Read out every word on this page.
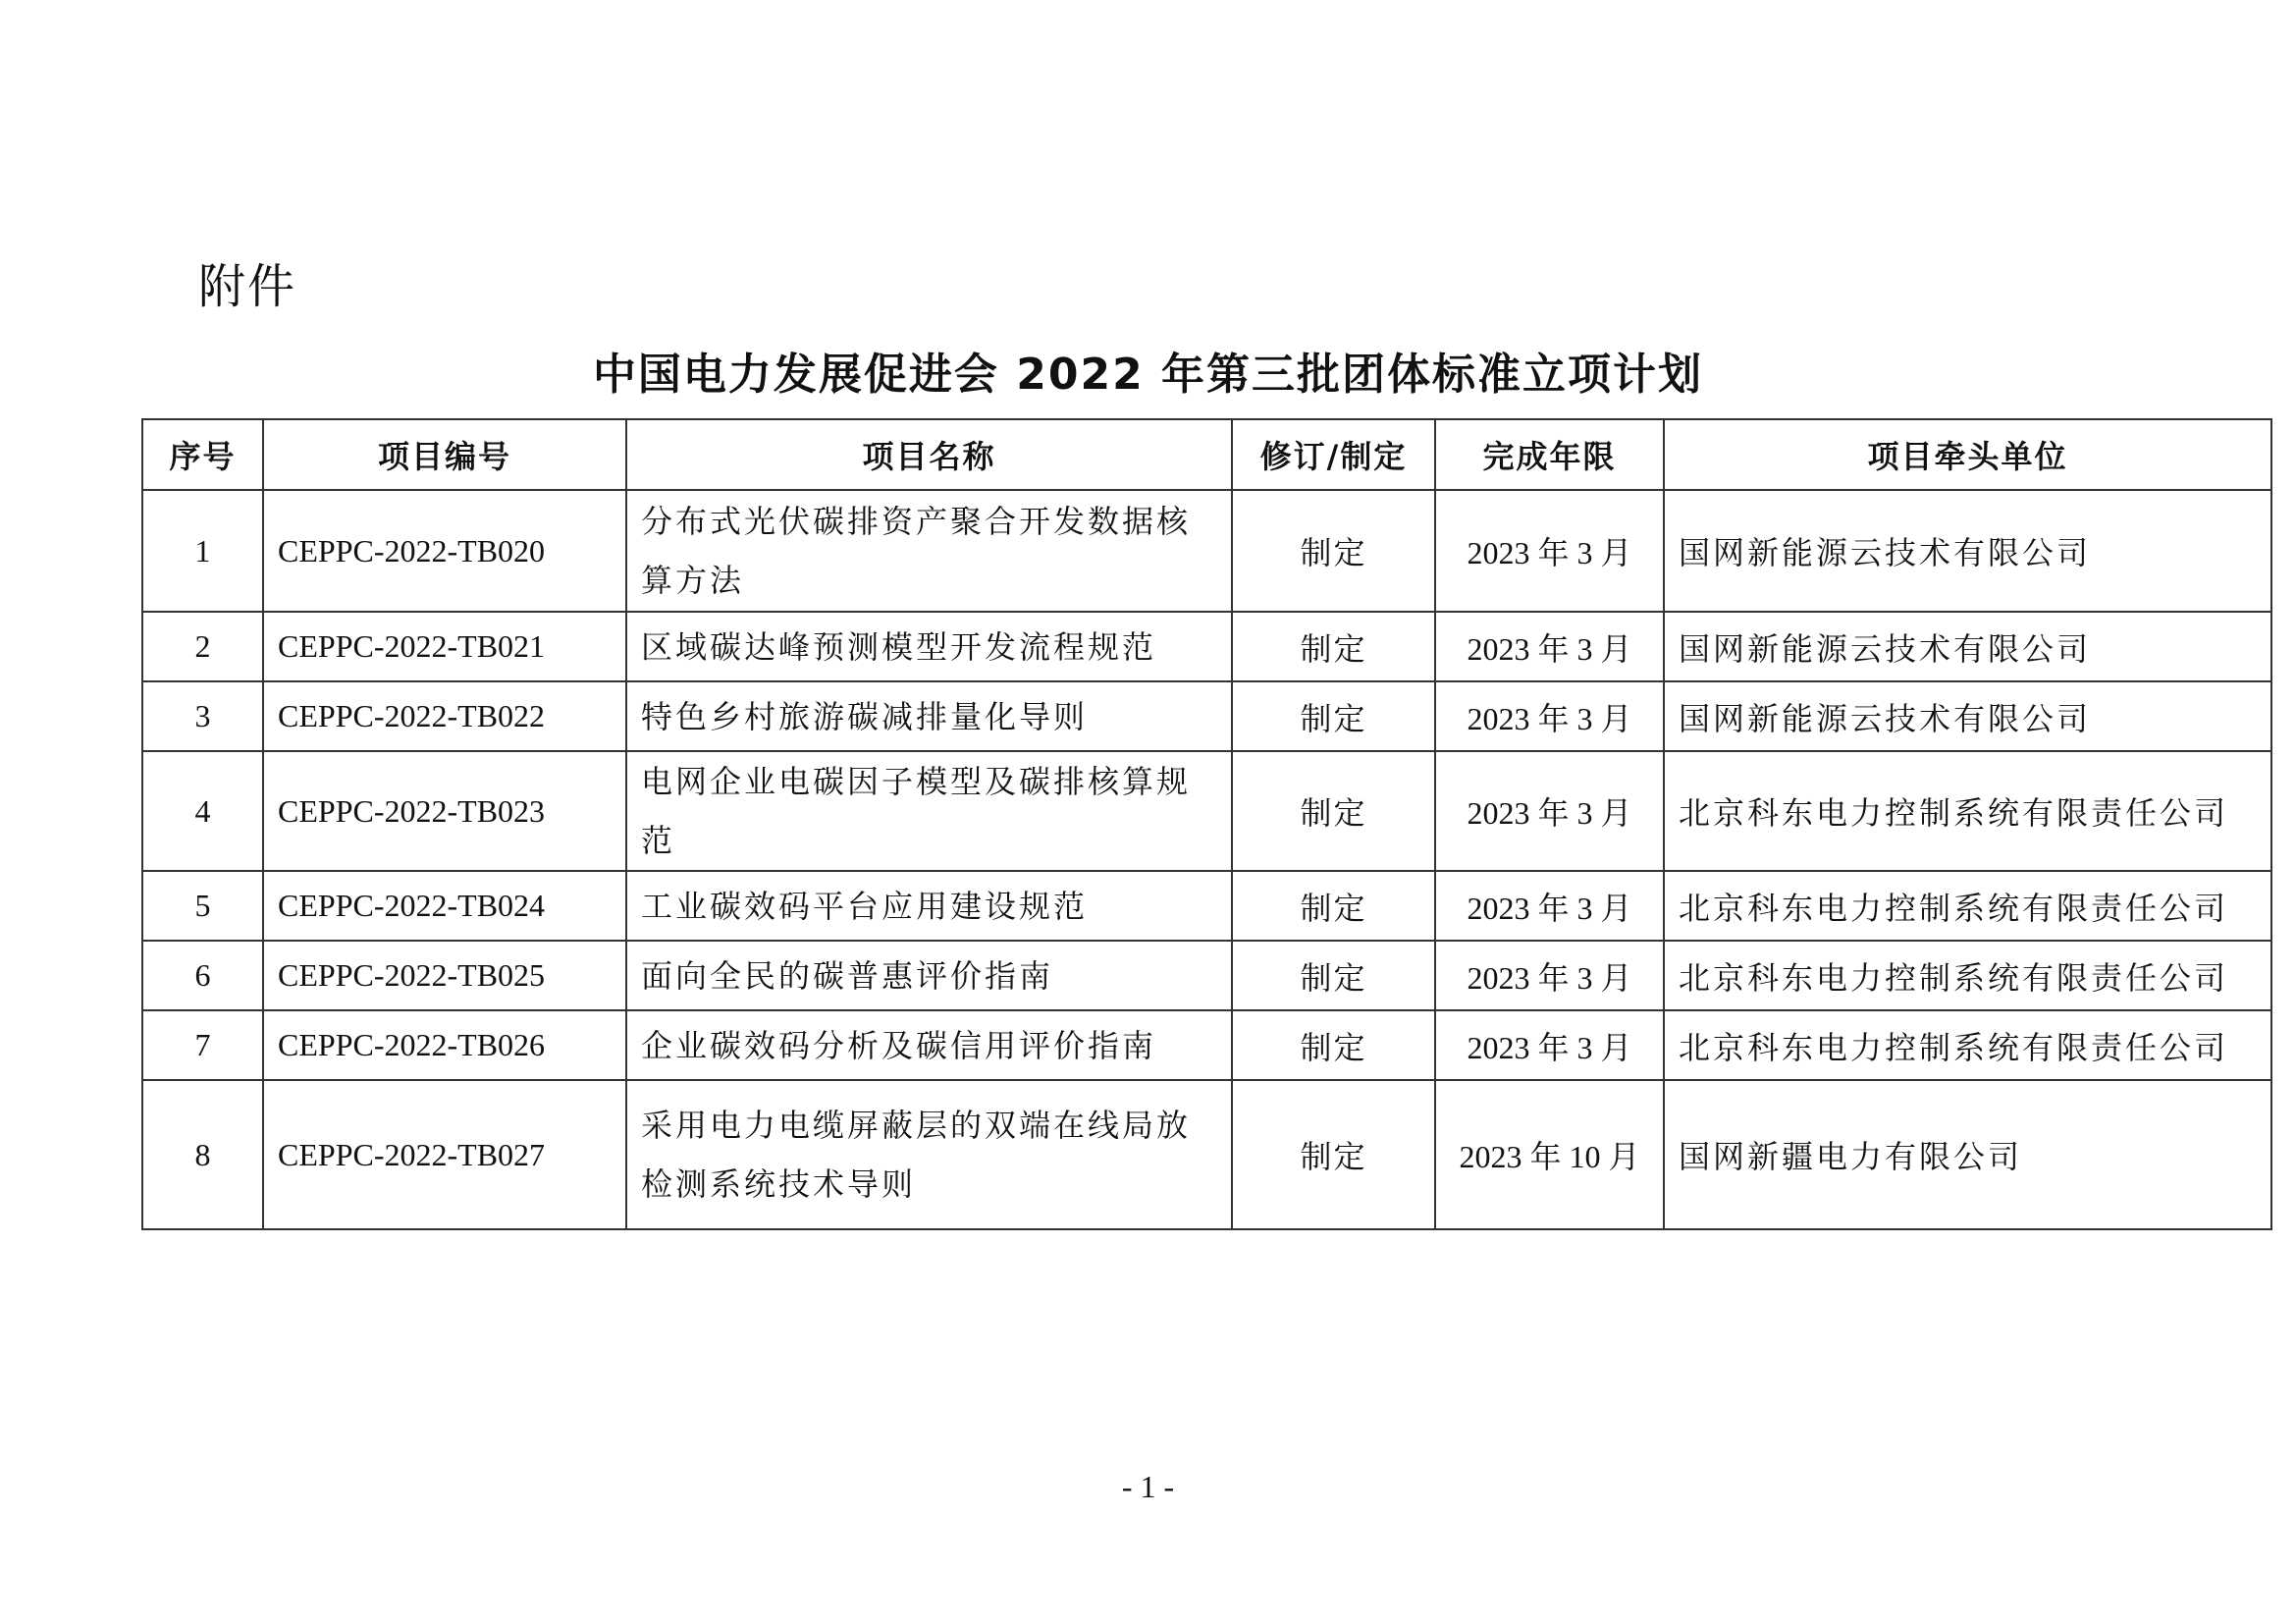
附件
中国电力发展促进会 2022 年第三批团体标准立项计划
序号	项目编号	项目名称	修订/制定	完成年限	项目牵头单位
1	CEPPC-2022-TB020	分布式光伏碳排资产聚合开发数据核算方法	制定	2023 年 3 月	国网新能源云技术有限公司
2	CEPPC-2022-TB021	区域碳达峰预测模型开发流程规范	制定	2023 年 3 月	国网新能源云技术有限公司
3	CEPPC-2022-TB022	特色乡村旅游碳减排量化导则	制定	2023 年 3 月	国网新能源云技术有限公司
4	CEPPC-2022-TB023	电网企业电碳因子模型及碳排核算规范	制定	2023 年 3 月	北京科东电力控制系统有限责任公司
5	CEPPC-2022-TB024	工业碳效码平台应用建设规范	制定	2023 年 3 月	北京科东电力控制系统有限责任公司
6	CEPPC-2022-TB025	面向全民的碳普惠评价指南	制定	2023 年 3 月	北京科东电力控制系统有限责任公司
7	CEPPC-2022-TB026	企业碳效码分析及碳信用评价指南	制定	2023 年 3 月	北京科东电力控制系统有限责任公司
8	CEPPC-2022-TB027	采用电力电缆屏蔽层的双端在线局放检测系统技术导则	制定	2023 年 10 月	国网新疆电力有限公司
- 1 -
